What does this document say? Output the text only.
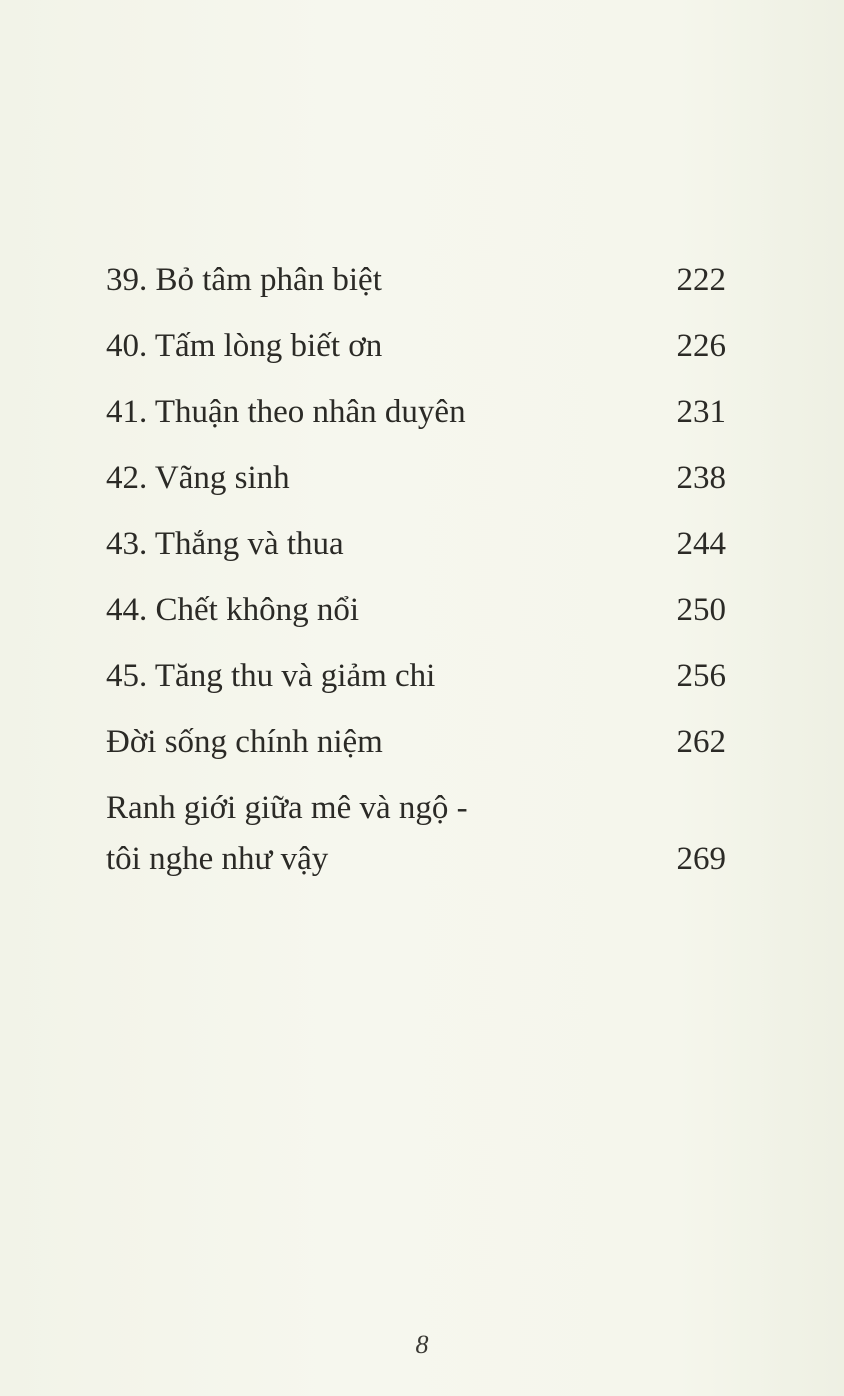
39. Bỏ tâm phân biệt	222
40. Tấm lòng biết ơn	226
41. Thuận theo nhân duyên	231
42. Vãng sinh	238
43. Thắng và thua	244
44. Chết không nổi	250
45. Tăng thu và giảm chi	256
Đời sống chính niệm	262
Ranh giới giữa mê và ngộ -
tôi nghe như vậy	269
8
